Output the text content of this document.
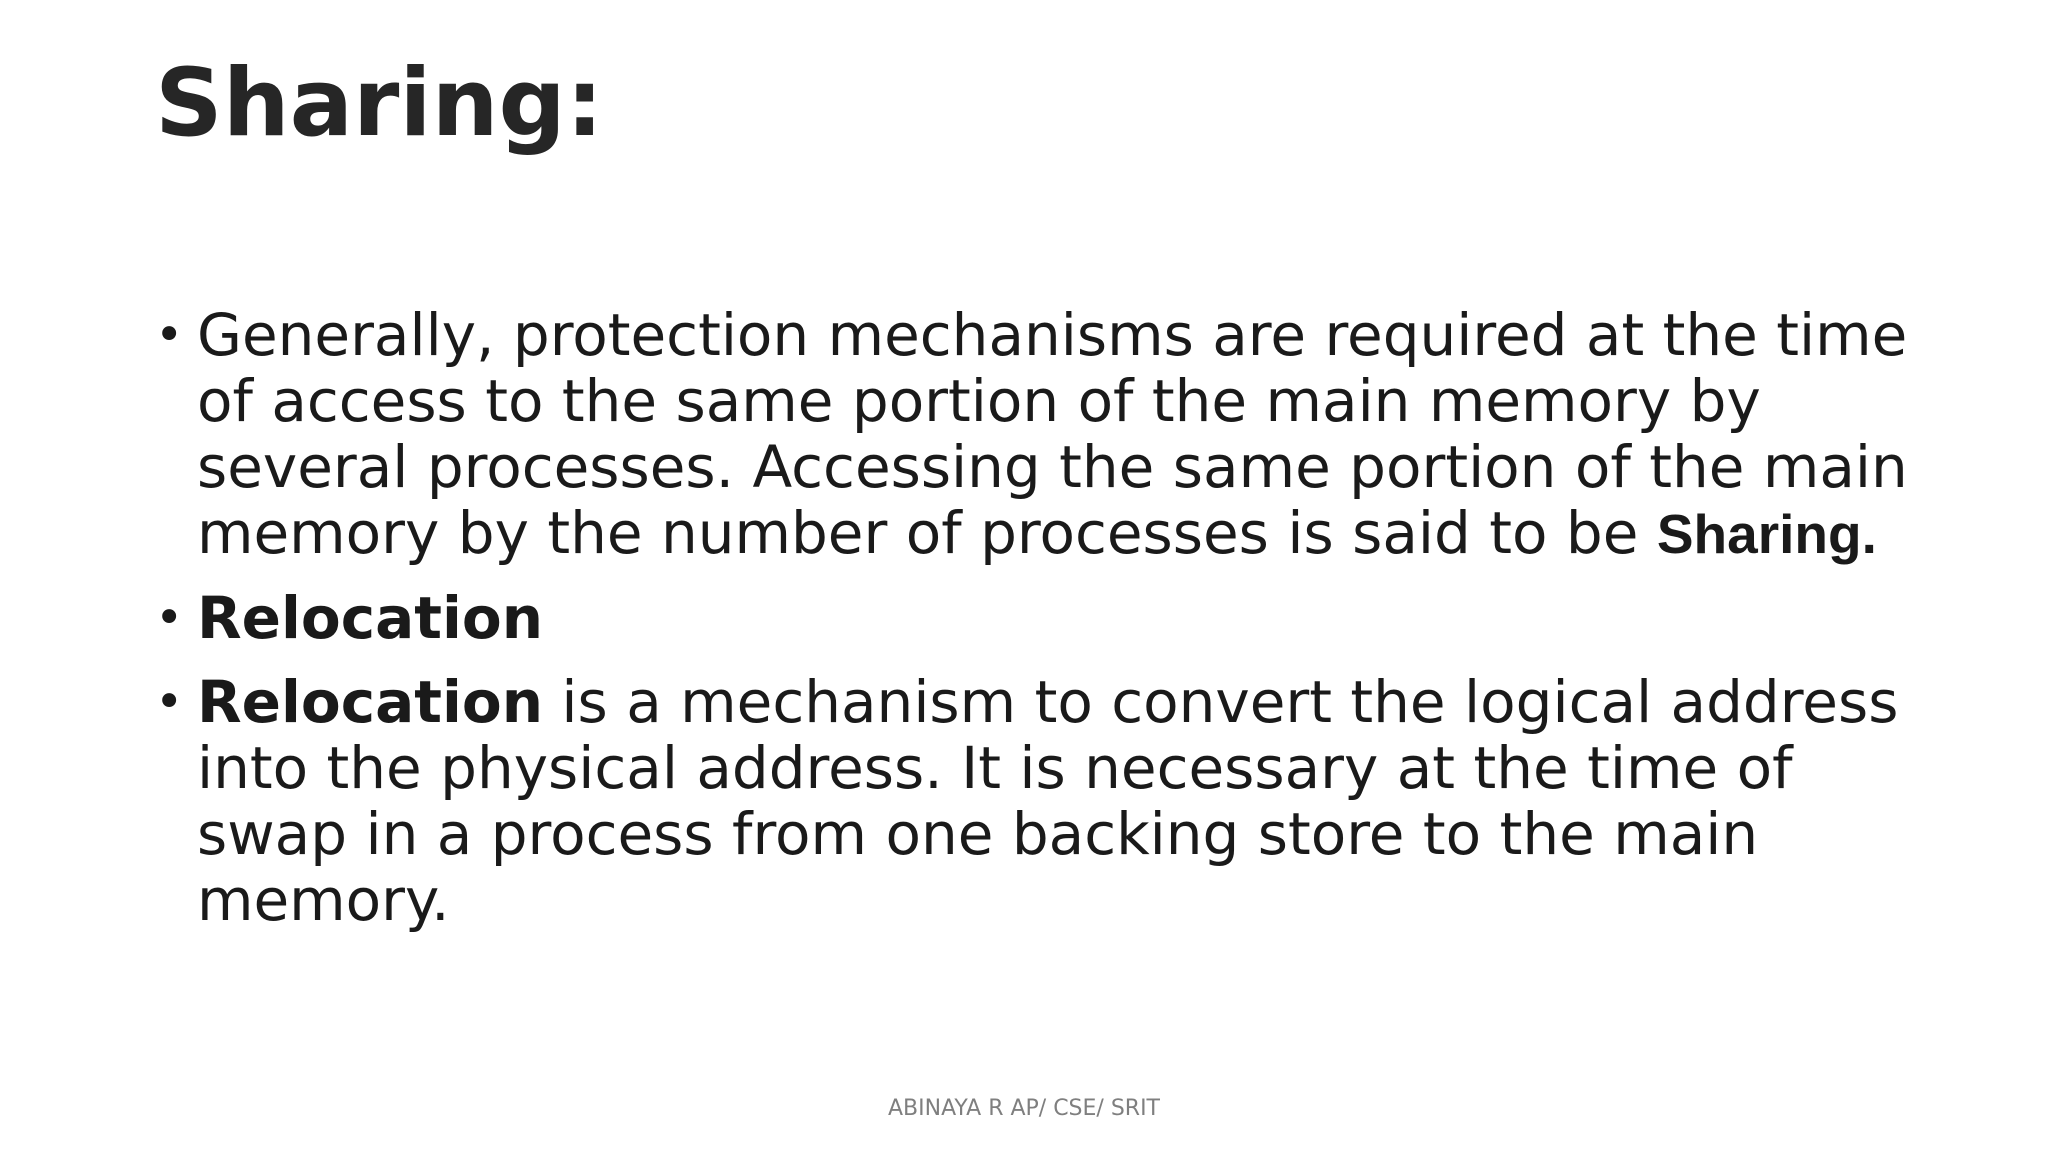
Sharing:
• Generally, protection mechanisms are required at the time of access to the same portion of the main memory by several processes. Accessing the same portion of the main memory by the number of processes is said to be Sharing.
• Relocation
• Relocation is a mechanism to convert the logical address into the physical address. It is necessary at the time of swap in a process from one backing store to the main memory.
ABINAYA R AP/ CSE/ SRIT
